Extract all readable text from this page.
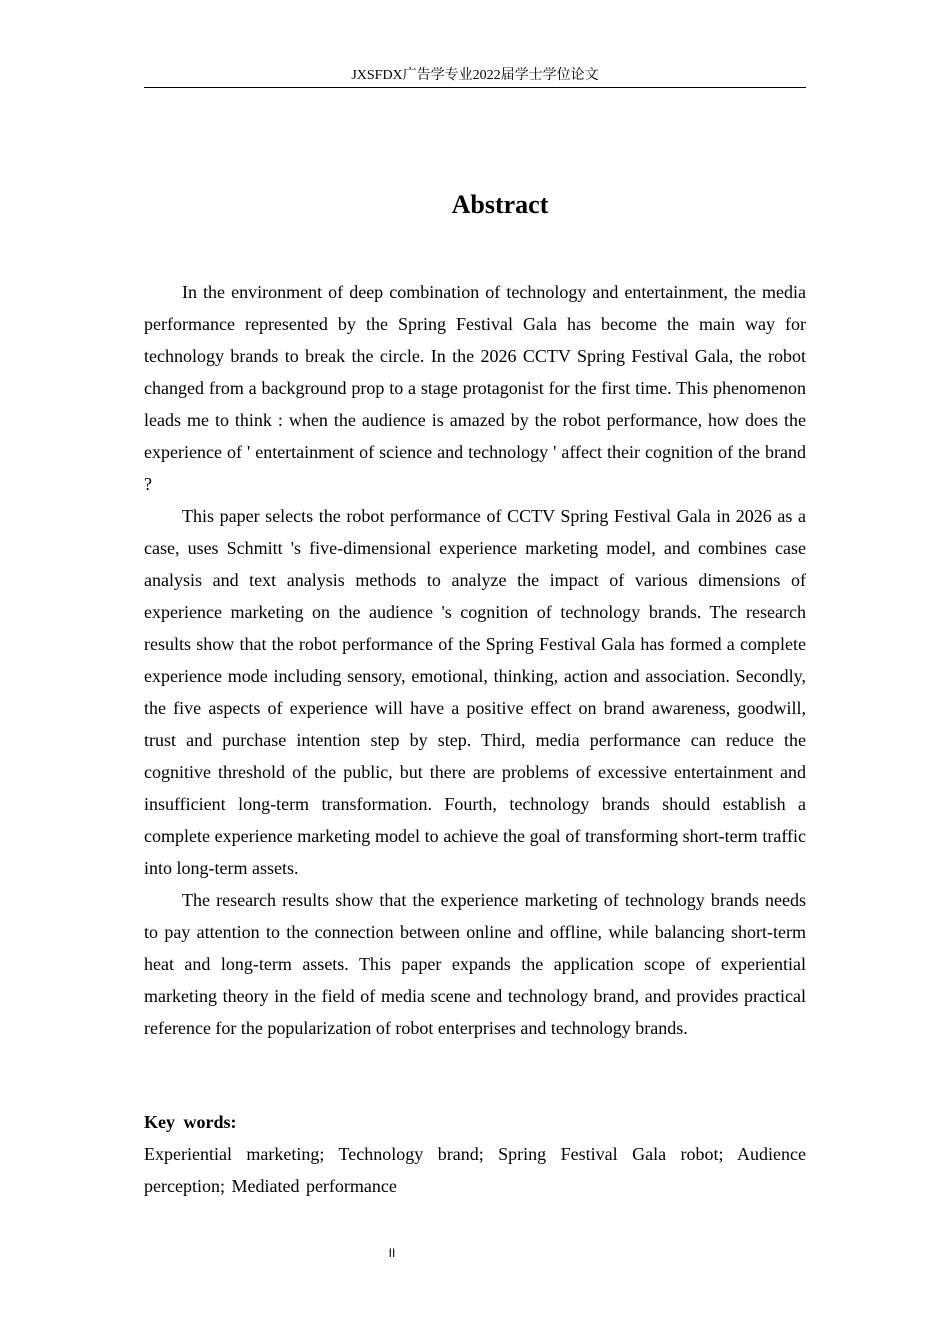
JXSFDX广告学专业2022届学士学位论文
Abstract

In the environment of deep combination of technology and entertainment, the media performance represented by the Spring Festival Gala has become the main way for technology brands to break the circle. In the 2026 CCTV Spring Festival Gala, the robot changed from a background prop to a stage protagonist for the first time. This phenomenon leads me to think : when the audience is amazed by the robot performance, how does the experience of ' entertainment of science and technology ' affect their cognition of the brand ?

This paper selects the robot performance of CCTV Spring Festival Gala in 2026 as a case, uses Schmitt 's five-dimensional experience marketing model, and combines case analysis and text analysis methods to analyze the impact of various dimensions of experience marketing on the audience 's cognition of technology brands. The research results show that the robot performance of the Spring Festival Gala has formed a complete experience mode including sensory, emotional, thinking, action and association. Secondly, the five aspects of experience will have a positive effect on brand awareness, goodwill, trust and purchase intention step by step. Third, media performance can reduce the cognitive threshold of the public, but there are problems of excessive entertainment and insufficient long-term transformation. Fourth, technology brands should establish a complete experience marketing model to achieve the goal of transforming short-term traffic into long-term assets.

The research results show that the experience marketing of technology brands needs to pay attention to the connection between online and offline, while balancing short-term heat and long-term assets. This paper expands the application scope of experiential marketing theory in the field of media scene and technology brand, and provides practical reference for the popularization of robot enterprises and technology brands.

Key words:
Experiential marketing; Technology brand; Spring Festival Gala robot; Audience perception; Mediated performance
II
